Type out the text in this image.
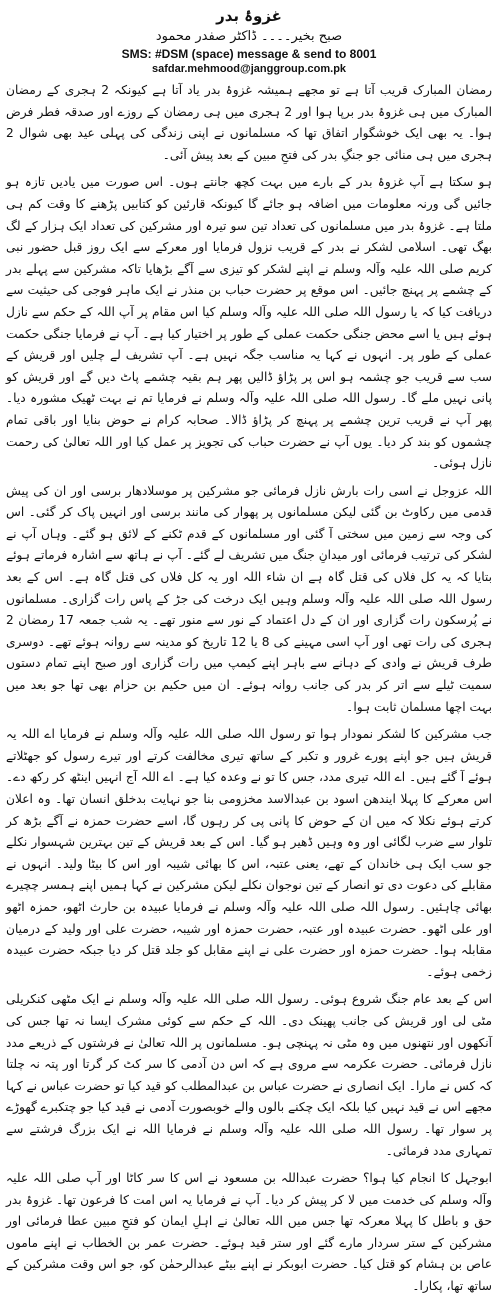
غزوۂ بدر
صبح بخیر۔۔۔۔ ڈاکٹر صفدر محمود
SMS: #DSM (space) message & send to 8001
safdar.mehmood@janggroup.com.pk

رمضان المبارک قریب آتا ہے تو مجھے ہمیشہ غزوۂ بدر یاد آتا ہے کیونکہ 2 ہجری کے رمضان المبارک میں ہی غزوۂ بدر برپا ہوا اور 2 ہجری میں ہی رمضان کے روزے اور صدقہ فطر فرض ہوا۔ یہ بھی ایک خوشگوار اتفاق تھا کہ مسلمانوں نے اپنی زندگی کی پہلی عید بھی شوال 2 ہجری میں ہی منائی جو جنگِ بدر کی فتحِ مبین کے بعد پیش آئی۔

ہو سکتا ہے آپ غزوۂ بدر کے بارے میں بہت کچھ جانتے ہوں۔ اس صورت میں یادیں تازہ ہو جائیں گی ورنہ معلومات میں اضافہ ہو جائے گا کیونکہ قارئین کو کتابیں پڑھنے کا وقت کم ہی ملتا ہے۔ غزوۂ بدر میں مسلمانوں کی تعداد تین سو تیرہ اور مشرکین کی تعداد ایک ہزار کے لگ بھگ تھی۔ اسلامی لشکر نے بدر کے قریب نزول فرمایا اور معرکے سے ایک روز قبل حضور نبی کریم صلی اللہ علیہ وآلہ وسلم نے اپنے لشکر کو تیزی سے آگے بڑھایا تاکہ مشرکین سے پہلے بدر کے چشمے پر پہنچ جائیں۔ اس موقع پر حضرت حباب بن منذر نے ایک ماہر فوجی کی حیثیت سے دریافت کیا کہ یا رسول اللہ صلی اللہ علیہ وآلہ وسلم کیا اس مقام پر آپ اللہ کے حکم سے نازل ہوئے ہیں یا اسے محض جنگی حکمت عملی کے طور پر اختیار کیا ہے۔ آپ نے فرمایا جنگی حکمت عملی کے طور پر۔ انہوں نے کہا یہ مناسب جگہ نہیں ہے۔ آپ تشریف لے چلیں اور قریش کے سب سے قریب جو چشمہ ہو اس پر پڑاؤ ڈالیں پھر ہم بقیہ چشمے پاٹ دیں گے اور قریش کو پانی نہیں ملے گا۔ رسول اللہ صلی اللہ علیہ وآلہ وسلم نے فرمایا تم نے بہت ٹھیک مشورہ دیا۔ پھر آپ نے قریب ترین چشمے پر پہنچ کر پڑاؤ ڈالا۔ صحابہ کرام نے حوض بنایا اور باقی تمام چشموں کو بند کر دیا۔ یوں آپ نے حضرت حباب کی تجویز پر عمل کیا اور اللہ تعالیٰ کی رحمت نازل ہوئی۔

اللہ عزوجل نے اسی رات بارش نازل فرمائی جو مشرکین پر موسلادھار برسی اور ان کی پیش قدمی میں رکاوٹ بن گئی لیکن مسلمانوں پر پھوار کی مانند برسی اور انہیں پاک کر گئی۔ اس کی وجہ سے زمین میں سختی آ گئی اور مسلمانوں کے قدم ٹکنے کے لائق ہو گئے۔ وہاں آپ نے لشکر کی ترتیب فرمائی اور میدانِ جنگ میں تشریف لے گئے۔ آپ نے ہاتھ سے اشارہ فرماتے ہوئے بتایا کہ یہ کل فلاں کی قتل گاہ ہے ان شاء اللہ اور یہ کل فلاں کی قتل گاہ ہے۔ اس کے بعد رسول اللہ صلی اللہ علیہ وآلہ وسلم وہیں ایک درخت کی جڑ کے پاس رات گزاری۔ مسلمانوں نے پُرسکون رات گزاری اور ان کے دل اعتماد کے نور سے منور تھے۔ یہ شب جمعہ 17 رمضان 2 ہجری کی رات تھی اور آپ اسی مہینے کی 8 یا 12 تاریخ کو مدینہ سے روانہ ہوئے تھے۔ دوسری طرف قریش نے وادی کے دہانے سے باہر اپنے کیمپ میں رات گزاری اور صبح اپنے تمام دستوں سمیت ٹیلے سے اتر کر بدر کی جانب روانہ ہوئے۔ ان میں حکیم بن حزام بھی تھا جو بعد میں بہت اچھا مسلمان ثابت ہوا۔

جب مشرکین کا لشکر نمودار ہوا تو رسول اللہ صلی اللہ علیہ وآلہ وسلم نے فرمایا اے اللہ یہ قریش ہیں جو اپنے پورے غرور و تکبر کے ساتھ تیری مخالفت کرتے اور تیرے رسول کو جھٹلاتے ہوئے آ گئے ہیں۔ اے اللہ تیری مدد، جس کا تو نے وعدہ کیا ہے۔ اے اللہ آج انہیں اینٹھ کر رکھ دے۔ اس معرکے کا پہلا ایندھن اسود بن عبدالاسد مخزومی بنا جو نہایت بدخلق انسان تھا۔ وہ اعلان کرتے ہوئے نکلا کہ میں ان کے حوض کا پانی پی کر رہوں گا، اسے حضرت حمزہ نے آگے بڑھ کر تلوار سے ضرب لگائی اور وہ وہیں ڈھیر ہو گیا۔ اس کے بعد قریش کے تین بہترین شہسوار نکلے جو سب ایک ہی خاندان کے تھے، یعنی عتبہ، اس کا بھائی شیبہ اور اس کا بیٹا ولید۔ انہوں نے مقابلے کی دعوت دی تو انصار کے تین نوجوان نکلے لیکن مشرکین نے کہا ہمیں اپنے ہمسر چچیرے بھائی چاہئیں۔ رسول اللہ صلی اللہ علیہ وآلہ وسلم نے فرمایا عبیدہ بن حارث اٹھو، حمزہ اٹھو اور علی اٹھو۔ حضرت عبیدہ اور عتبہ، حضرت حمزہ اور شیبہ، حضرت علی اور ولید کے درمیان مقابلہ ہوا۔ حضرت حمزہ اور حضرت علی نے اپنے مقابل کو جلد قتل کر دیا جبکہ حضرت عبیدہ زخمی ہوئے۔

اس کے بعد عام جنگ شروع ہوئی۔ رسول اللہ صلی اللہ علیہ وآلہ وسلم نے ایک مٹھی کنکریلی مٹی لی اور قریش کی جانب پھینک دی۔ اللہ کے حکم سے کوئی مشرک ایسا نہ تھا جس کی آنکھوں اور نتھنوں میں وہ مٹی نہ پہنچی ہو۔ مسلمانوں پر اللہ تعالیٰ نے فرشتوں کے ذریعے مدد نازل فرمائی۔ حضرت عکرمہ سے مروی ہے کہ اس دن آدمی کا سر کٹ کر گرتا اور پتہ نہ چلتا کہ کس نے مارا۔ ایک انصاری نے حضرت عباس بن عبدالمطلب کو قید کیا تو حضرت عباس نے کہا مجھے اس نے قید نہیں کیا بلکہ ایک چکنے بالوں والے خوبصورت آدمی نے قید کیا جو چتکبرے گھوڑے پر سوار تھا۔ رسول اللہ صلی اللہ علیہ وآلہ وسلم نے فرمایا اللہ نے ایک بزرگ فرشتے سے تمہاری مدد فرمائی۔

ابوجہل کا انجام کیا ہوا؟ حضرت عبداللہ بن مسعود نے اس کا سر کاٹا اور آپ صلی اللہ علیہ وآلہ وسلم کی خدمت میں لا کر پیش کر دیا۔ آپ نے فرمایا یہ اس امت کا فرعون تھا۔ غزوۂ بدر حق و باطل کا پہلا معرکہ تھا جس میں اللہ تعالیٰ نے اہلِ ایمان کو فتحِ مبین عطا فرمائی اور مشرکین کے ستر سردار مارے گئے اور ستر قید ہوئے۔ حضرت عمر بن الخطاب نے اپنے ماموں عاص بن ہشام کو قتل کیا۔ حضرت ابوبکر نے اپنے بیٹے عبدالرحمٰن کو، جو اس وقت مشرکین کے ساتھ تھا، پکارا۔
